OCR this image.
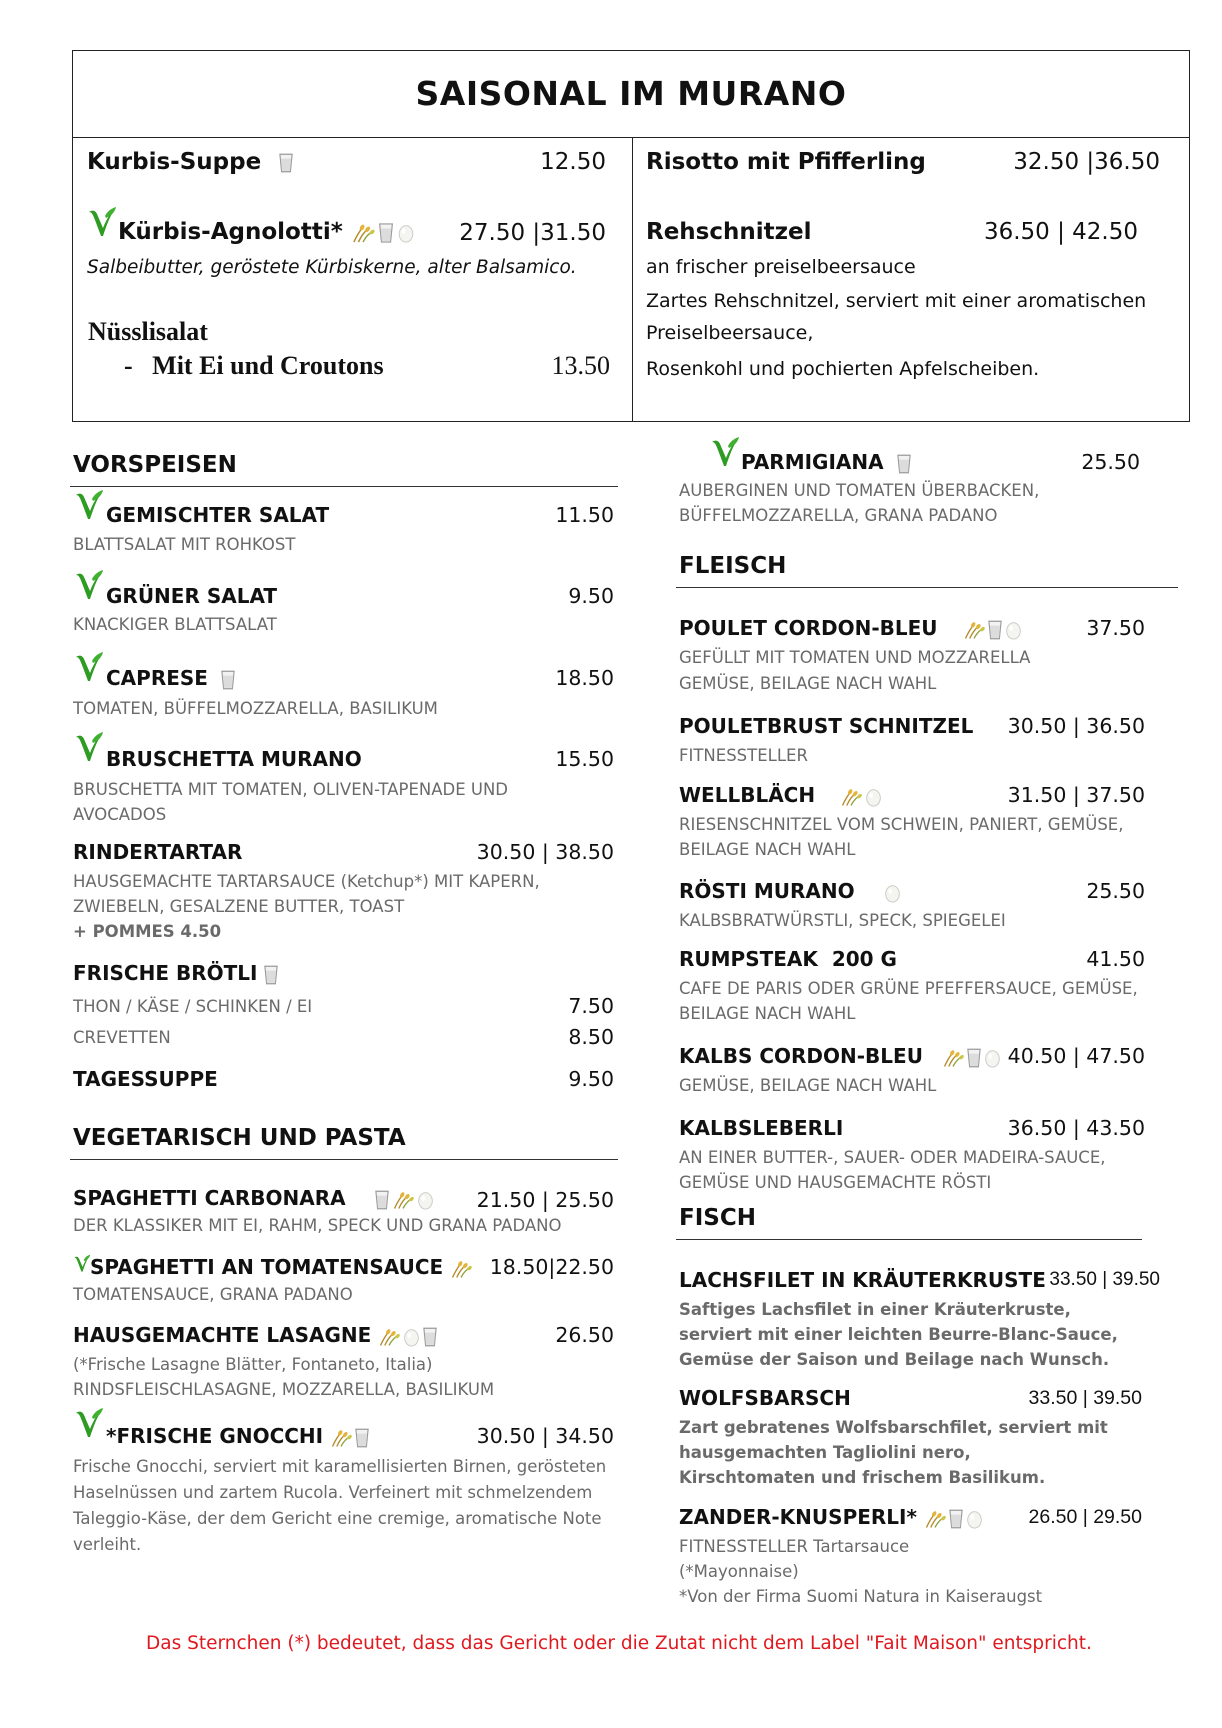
SAISONAL IM MURANO
Kurbis-Suppe	12.50
Kürbis-Agnolotti*	27.50 |31.50
Salbeibutter, geröstete Kürbiskerne, alter Balsamico.
Nüsslisalat
-   Mit Ei und Croutons	13.50
Risotto mit Pfifferling	32.50 |36.50
Rehschnitzel	36.50 | 42.50
an frischer preiselbeersauce
Zartes Rehschnitzel, serviert mit einer aromatischen
Preiselbeersauce,
Rosenkohl und pochierten Apfelscheiben.
VORSPEISEN
GEMISCHTER SALAT	11.50
BLATTSALAT MIT ROHKOST
GRÜNER SALAT	9.50
KNACKIGER BLATTSALAT
CAPRESE	18.50
TOMATEN, BÜFFELMOZZARELLA, BASILIKUM
BRUSCHETTA MURANO	15.50
BRUSCHETTA MIT TOMATEN, OLIVEN-TAPENADE UND
AVOCADOS
RINDERTARTAR	30.50 | 38.50
HAUSGEMACHTE TARTARSAUCE (Ketchup*) MIT KAPERN,
ZWIEBELN, GESALZENE BUTTER, TOAST
+ POMMES 4.50
FRISCHE BRÖTLI
THON / KÄSE / SCHINKEN / EI	7.50
CREVETTEN	8.50
TAGESSUPPE	9.50
VEGETARISCH UND PASTA
SPAGHETTI CARBONARA	21.50 | 25.50
DER KLASSIKER MIT EI, RAHM, SPECK UND GRANA PADANO
SPAGHETTI AN TOMATENSAUCE	18.50|22.50
TOMATENSAUCE, GRANA PADANO
HAUSGEMACHTE LASAGNE	26.50
(*Frische Lasagne Blätter, Fontaneto, Italia)
RINDSFLEISCHLASAGNE, MOZZARELLA, BASILIKUM
*FRISCHE GNOCCHI	30.50 | 34.50
Frische Gnocchi, serviert mit karamellisierten Birnen, gerösteten
Haselnüssen und zartem Rucola. Verfeinert mit schmelzendem
Taleggio-Käse, der dem Gericht eine cremige, aromatische Note
verleiht.
PARMIGIANA	25.50
AUBERGINEN UND TOMATEN ÜBERBACKEN,
BÜFFELMOZZARELLA, GRANA PADANO
FLEISCH
POULET CORDON-BLEU	37.50
GEFÜLLT MIT TOMATEN UND MOZZARELLA
GEMÜSE, BEILAGE NACH WAHL
POULETBRUST SCHNITZEL	30.50 | 36.50
FITNESSTELLER
WELLBLÄCH	31.50 | 37.50
RIESENSCHNITZEL VOM SCHWEIN, PANIERT, GEMÜSE,
BEILAGE NACH WAHL
RÖSTI MURANO	25.50
KALBSBRATWÜRSTLI, SPECK, SPIEGELEI
RUMPSTEAK  200 G	41.50
CAFE DE PARIS ODER GRÜNE PFEFFERSAUCE, GEMÜSE,
BEILAGE NACH WAHL
KALBS CORDON-BLEU	40.50 | 47.50
GEMÜSE, BEILAGE NACH WAHL
KALBSLEBERLI	36.50 | 43.50
AN EINER BUTTER-, SAUER- ODER MADEIRA-SAUCE,
GEMÜSE UND HAUSGEMACHTE RÖSTI
FISCH
LACHSFILET IN KRÄUTERKRUSTE 33.50 | 39.50
Saftiges Lachsfilet in einer Kräuterkruste,
serviert mit einer leichten Beurre-Blanc-Sauce,
Gemüse der Saison und Beilage nach Wunsch.
WOLFSBARSCH	33.50 | 39.50
Zart gebratenes Wolfsbarschfilet, serviert mit
hausgemachten Tagliolini nero,
Kirschtomaten und frischem Basilikum.
ZANDER-KNUSPERLI*	26.50 | 29.50
FITNESSTELLER Tartarsauce
(*Mayonnaise)
*Von der Firma Suomi Natura in Kaiseraugst
Das Sternchen (*) bedeutet, dass das Gericht oder die Zutat nicht dem Label "Fait Maison" entspricht.
